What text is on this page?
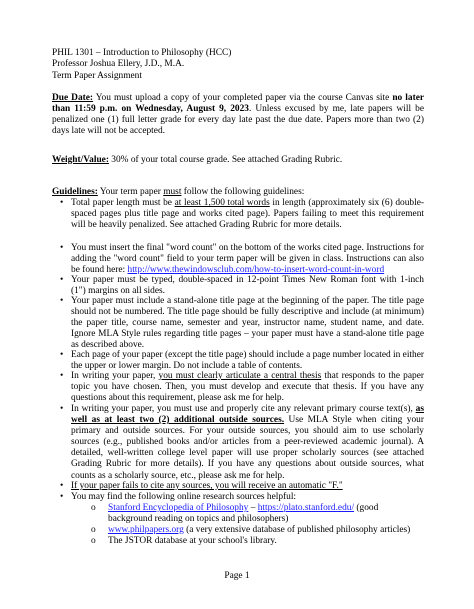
PHIL 1301 – Introduction to Philosophy (HCC)
Professor Joshua Ellery, J.D., M.A.
Term Paper Assignment
Due Date: You must upload a copy of your completed paper via the course Canvas site no later than 11:59 p.m. on Wednesday, August 9, 2023. Unless excused by me, late papers will be penalized one (1) full letter grade for every day late past the due date. Papers more than two (2) days late will not be accepted.
Weight/Value: 30% of your total course grade. See attached Grading Rubric.
Guidelines: Your term paper must follow the following guidelines:
• Total paper length must be at least 1,500 total words in length (approximately six (6) double-spaced pages plus title page and works cited page). Papers failing to meet this requirement will be heavily penalized. See attached Grading Rubric for more details.
• You must insert the final "word count" on the bottom of the works cited page. Instructions for adding the "word count" field to your term paper will be given in class. Instructions can also be found here: http://www.thewindowsclub.com/how-to-insert-word-count-in-word
• Your paper must be typed, double-spaced in 12-point Times New Roman font with 1-inch (1") margins on all sides.
• Your paper must include a stand-alone title page at the beginning of the paper. The title page should not be numbered. The title page should be fully descriptive and include (at minimum) the paper title, course name, semester and year, instructor name, student name, and date. Ignore MLA Style rules regarding title pages – your paper must have a stand-alone title page as described above.
• Each page of your paper (except the title page) should include a page number located in either the upper or lower margin. Do not include a table of contents.
• In writing your paper, you must clearly articulate a central thesis that responds to the paper topic you have chosen. Then, you must develop and execute that thesis. If you have any questions about this requirement, please ask me for help.
• In writing your paper, you must use and properly cite any relevant primary course text(s), as well as at least two (2) additional outside sources. Use MLA Style when citing your primary and outside sources. For your outside sources, you should aim to use scholarly sources (e.g., published books and/or articles from a peer-reviewed academic journal). A detailed, well-written college level paper will use proper scholarly sources (see attached Grading Rubric for more details). If you have any questions about outside sources, what counts as a scholarly source, etc., please ask me for help.
• If your paper fails to cite any sources, you will receive an automatic "F."
• You may find the following online research sources helpful:
o Stanford Encyclopedia of Philosophy – https://plato.stanford.edu/ (good background reading on topics and philosophers)
o www.philpapers.org (a very extensive database of published philosophy articles)
o The JSTOR database at your school's library.
Page 1
